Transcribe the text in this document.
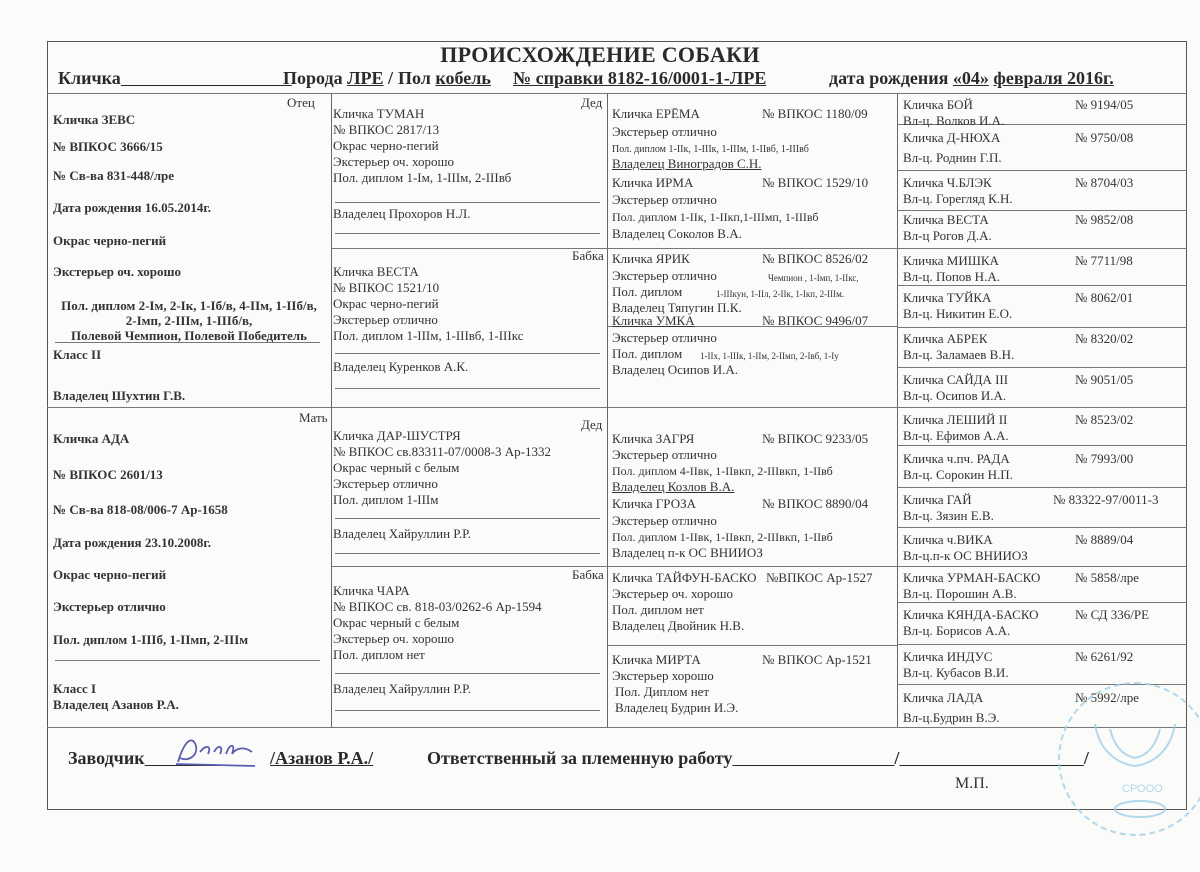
ПРОИСХОЖДЕНИЕ СОБАКИ
Кличка	Порода ЛРЕ / Пол кобель № справки 8182-16/0001-1-ЛРЕ	дата рождения «04» февраля 2016г.
Отец	Дед
Бабка
Мать	Дед
Бабка
Кличка ЗЕВС
№ ВПКОС 3666/15
№ Св-ва 831-448/лре
Дата рождения 16.05.2014г.
Окрас черно-пегий
Экстерьер оч. хорошо
Пол. диплом 2-Iм, 2-Iк, 1-Iб/в, 4-IIм, 1-IIб/в,
2-Iмп, 2-IIIм, 1-IIIб/в,
Полевой Чемпион, Полевой Победитель
Класс II
Владелец Шухтин Г.В.
Кличка АДА
№ ВПКОС 2601/13
№ Св-ва 818-08/006-7 Ар-1658
Дата рождения 23.10.2008г.
Окрас черно-пегий
Экстерьер отлично
Пол. диплом 1-IIIб, 1-IIмп, 2-IIIм
Класс I
Владелец Азанов Р.А.
Кличка ТУМАН
№ ВПКОС 2817/13
Окрас черно-пегий
Экстерьер оч. хорошо
Пол. диплом 1-Iм, 1-IIIм, 2-IIIвб
Владелец Прохоров Н.Л.
Кличка ВЕСТА
№ ВПКОС 1521/10
Окрас черно-пегий
Экстерьер отлично
Пол. диплом 1-IIIм, 1-IIIвб, 1-IIIкс
Владелец Куренков А.К.
Кличка ДАР-ШУСТРЯ
№ ВПКОС св.83311-07/0008-3 Ар-1332
Окрас черный с белым
Экстерьер отлично
Пол. диплом 1-IIIм
Владелец Хайруллин Р.Р.
Кличка ЧАРА
№ ВПКОС св. 818-03/0262-6 Ар-1594
Окрас черный с белым
Экстерьер оч. хорошо
Пол. диплом нет
Владелец Хайруллин Р.Р.
Кличка ЕРЁМА	№ ВПКОС 1180/09
Экстерьер отлично
Пол. диплом 1-IIк, 1-IIIк, 1-IIIм, 1-IIвб, 1-IIIвб
Владелец Виноградов С.Н.
Кличка ИРМА	№ ВПКОС 1529/10
Экстерьер отлично
Пол. диплом 1-IIк, 1-IIкп,1-IIIмп, 1-IIIвб
Владелец Соколов В.А.
Кличка ЯРИК	№ ВПКОС 8526/02
Экстерьер отлично	Чемпион , 1-Iмп, 1-IIкс,
Пол. диплом	1-IIIкун, 1-IIл, 2-IIк, 1-Iкп, 2-IIIм.
Владелец Тяпугин П.К.
Кличка УМКА	№ ВПКОС 9496/07
Экстерьер отлично
Пол. диплом 1-IIх, 1-IIIк, 1-IIм, 2-IIмп, 2-Iвб, 1-Iу
Владелец Осипов И.А.
Кличка ЗАГРЯ	№ ВПКОС 9233/05
Экстерьер отлично
Пол. диплом 4-IIвк, 1-IIвкп, 2-IIIвкп, 1-IIвб
Владелец Козлов В.А.
Кличка ГРОЗА	№ ВПКОС 8890/04
Экстерьер отлично
Пол. диплом 1-IIвк, 1-IIвкп, 2-IIIвкп, 1-IIвб
Владелец п-к ОС ВНИИОЗ
Кличка ТАЙФУН-БАСКО №ВПКОС Ар-1527
Экстерьер оч. хорошо
Пол. диплом нет
Владелец Двойник Н.В.
Кличка МИРТА	№ ВПКОС Ар-1521
Экстерьер хорошо
Пол. Диплом нет
Владелец Будрин И.Э.
Кличка БОЙ	№ 9194/05
Вл-ц. Волков И.А.
Кличка Д-НЮХА	№ 9750/08
Вл-ц. Роднин Г.П.
Кличка Ч.БЛЭК	№ 8704/03
Вл-ц. Горегляд К.Н.
Кличка ВЕСТА	№ 9852/08
Вл-ц Рогов Д.А.
Кличка МИШКА	№ 7711/98
Вл-ц. Попов Н.А.
Кличка ТУЙКА	№ 8062/01
Вл-ц. Никитин Е.О.
Кличка АБРЕК	№ 8320/02
Вл-ц. Заламаев В.Н.
Кличка САЙДА III	№ 9051/05
Вл-ц. Осипов И.А.
Кличка ЛЕШИЙ II	№ 8523/02
Вл-ц. Ефимов А.А.
Кличка ч.пч. РАДА	№ 7993/00
Вл-ц. Сорокин Н.П.
Кличка ГАЙ	№ 83322-97/0011-3
Вл-ц. Зязин Е.В.
Кличка ч.ВИКА	№ 8889/04
Вл-ц.п-к ОС ВНИИОЗ
Кличка УРМАН-БАСКО	№ 5858/лре
Вл-ц. Порошин А.В.
Кличка КЯНДА-БАСКО	№ СД 336/РЕ
Вл-ц. Борисов А.А.
Кличка ИНДУС	№ 6261/92
Вл-ц. Кубасов В.И.
Кличка ЛАДА	№ 5992/лре
Вл-ц.Будрин В.Э.
Заводчик	/Азанов Р.А./	Ответственный за племенную работу	/	/
М.П.	СРООО
